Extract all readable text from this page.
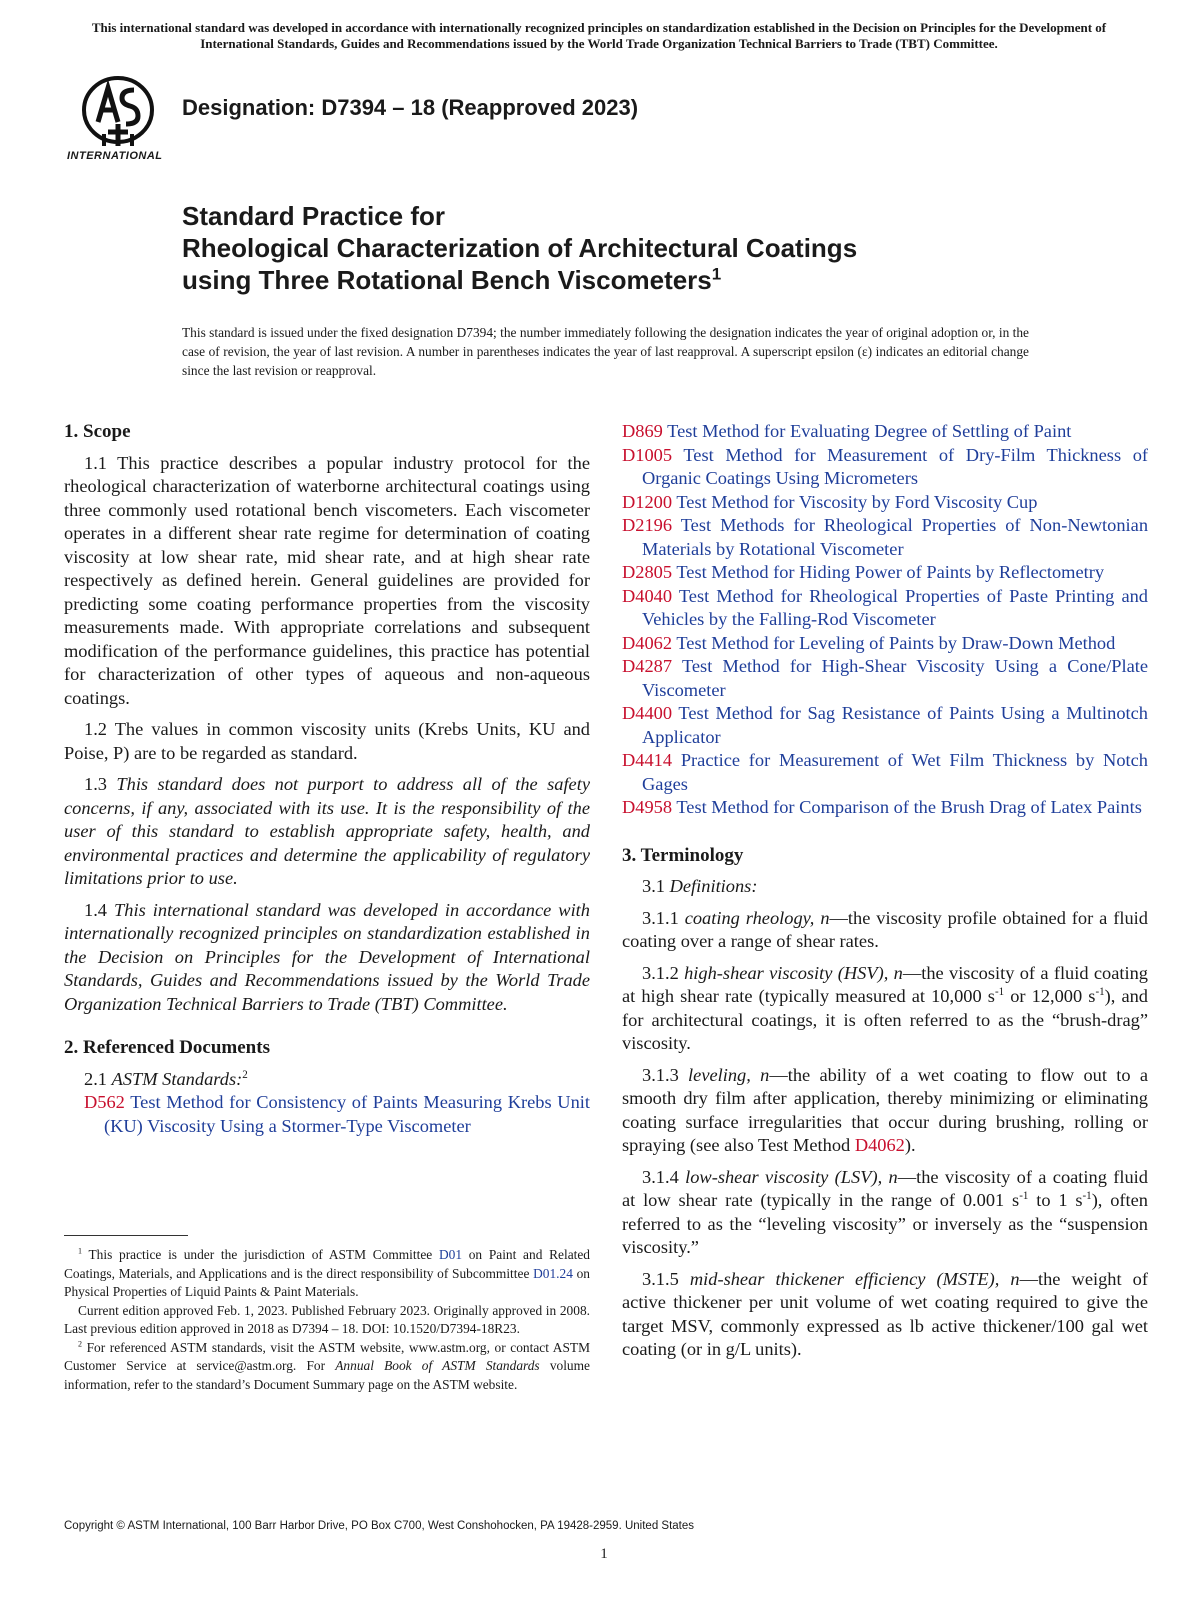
This international standard was developed in accordance with internationally recognized principles on standardization established in the Decision on Principles for the Development of International Standards, Guides and Recommendations issued by the World Trade Organization Technical Barriers to Trade (TBT) Committee.
INTERNATIONAL
Designation: D7394 – 18 (Reapproved 2023)
Standard Practice for
Rheological Characterization of Architectural Coatings
using Three Rotational Bench Viscometers$^1$
This standard is issued under the fixed designation D7394; the number immediately following the designation indicates the year of original adoption or, in the case of revision, the year of last revision. A number in parentheses indicates the year of last reapproval. A superscript epsilon (ε) indicates an editorial change since the last revision or reapproval.
1. Scope

1.1 This practice describes a popular industry protocol for the rheological characterization of waterborne architectural coatings using three commonly used rotational bench viscometers. Each viscometer operates in a different shear rate regime for determination of coating viscosity at low shear rate, mid shear rate, and at high shear rate respectively as defined herein. General guidelines are provided for predicting some coating performance properties from the viscosity measurements made. With appropriate correlations and subsequent modification of the performance guidelines, this practice has potential for characterization of other types of aqueous and non-aqueous coatings.

1.2 The values in common viscosity units (Krebs Units, KU and Poise, P) are to be regarded as standard.

1.3 This standard does not purport to address all of the safety concerns, if any, associated with its use. It is the responsibility of the user of this standard to establish appropriate safety, health, and environmental practices and determine the applicability of regulatory limitations prior to use.

1.4 This international standard was developed in accordance with internationally recognized principles on standardization established in the Decision on Principles for the Development of International Standards, Guides and Recommendations issued by the World Trade Organization Technical Barriers to Trade (TBT) Committee.

2. Referenced Documents

2.1 ASTM Standards:$^2$

D562 Test Method for Consistency of Paints Measuring Krebs Unit (KU) Viscosity Using a Stormer-Type Viscometer

D869 Test Method for Evaluating Degree of Settling of Paint

D1005 Test Method for Measurement of Dry-Film Thickness of Organic Coatings Using Micrometers

D1200 Test Method for Viscosity by Ford Viscosity Cup

D2196 Test Methods for Rheological Properties of Non-Newtonian Materials by Rotational Viscometer

D2805 Test Method for Hiding Power of Paints by Reflectometry

D4040 Test Method for Rheological Properties of Paste Printing and Vehicles by the Falling-Rod Viscometer

D4062 Test Method for Leveling of Paints by Draw-Down Method

D4287 Test Method for High-Shear Viscosity Using a Cone/Plate Viscometer

D4400 Test Method for Sag Resistance of Paints Using a Multinotch Applicator

D4414 Practice for Measurement of Wet Film Thickness by Notch Gages

D4958 Test Method for Comparison of the Brush Drag of Latex Paints

3. Terminology

3.1 Definitions:

3.1.1 coating rheology, n—the viscosity profile obtained for a fluid coating over a range of shear rates.

3.1.2 high-shear viscosity (HSV), n—the viscosity of a fluid coating at high shear rate (typically measured at 10,000 $s^{-1}$ or 12,000 $s^{-1}$), and for architectural coatings, it is often referred to as the “brush-drag” viscosity.

3.1.3 leveling, n—the ability of a wet coating to flow out to a smooth dry film after application, thereby minimizing or eliminating coating surface irregularities that occur during brushing, rolling or spraying (see also Test Method D4062).

3.1.4 low-shear viscosity (LSV), n—the viscosity of a coating fluid at low shear rate (typically in the range of 0.001 $s^{-1}$ to 1 $s^{-1}$), often referred to as the “leveling viscosity” or inversely as the “suspension viscosity.”

3.1.5 mid-shear thickener efficiency (MSTE), n—the weight of active thickener per unit volume of wet coating required to give the target MSV, commonly expressed as lb active thickener/100 gal wet coating (or in g/L units).

$^1$ This practice is under the jurisdiction of ASTM Committee D01 on Paint and Related Coatings, Materials, and Applications and is the direct responsibility of Subcommittee D01.24 on Physical Properties of Liquid Paints & Paint Materials.

Current edition approved Feb. 1, 2023. Published February 2023. Originally approved in 2008. Last previous edition approved in 2018 as D7394 – 18. DOI: 10.1520/D7394-18R23.

$^2$ For referenced ASTM standards, visit the ASTM website, www.astm.org, or contact ASTM Customer Service at service@astm.org. For Annual Book of ASTM Standards volume information, refer to the standard’s Document Summary page on the ASTM website.

Copyright © ASTM International, 100 Barr Harbor Drive, PO Box C700, West Conshohocken, PA 19428-2959. United States
1
